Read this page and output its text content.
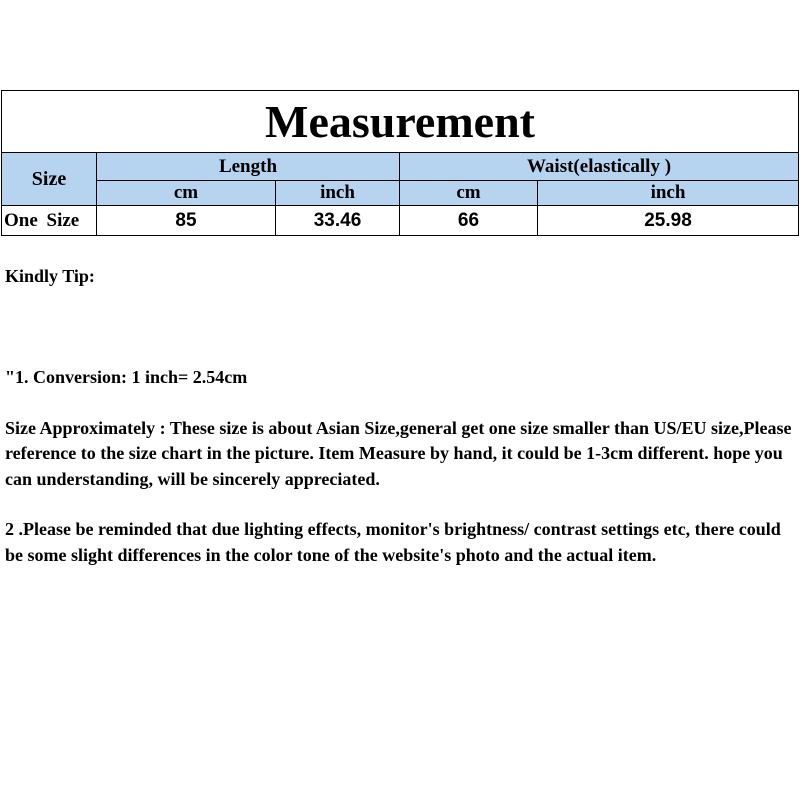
Measurement				
Size	Length		Waist(elastically )	
	cm	inch	cm	inch
One Size	85	33.46	66	25.98

Kindly Tip:

"1. Conversion: 1 inch= 2.54cm

Size Approximately : These size is about Asian Size,general get one size smaller than US/EU size,Please reference to the size chart in the picture. Item Measure by hand, it could be 1-3cm different. hope you can understanding, will be sincerely appreciated.

2 .Please be reminded that due lighting effects, monitor's brightness/ contrast settings etc, there could be some slight differences in the color tone of the website's photo and the actual item.
